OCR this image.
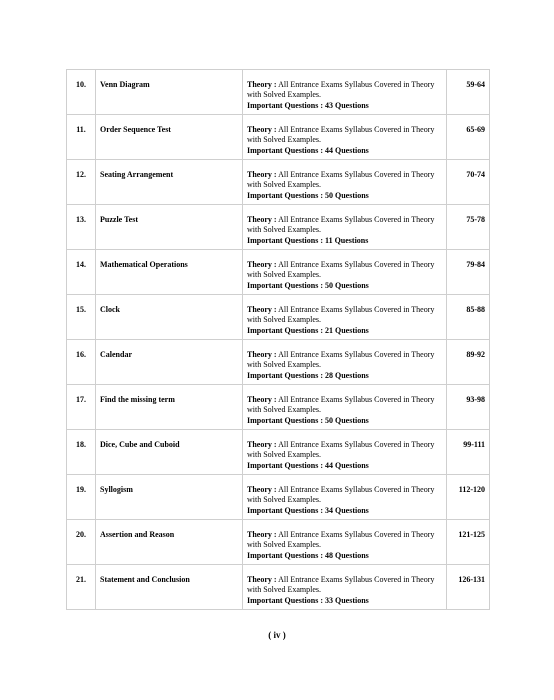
10.	Venn Diagram	Theory : All Entrance Exams Syllabus Covered in Theory with Solved Examples.
Important Questions : 43 Questions	59-64

11.	Order Sequence Test	Theory : All Entrance Exams Syllabus Covered in Theory with Solved Examples.
Important Questions : 44 Questions	65-69

12.	Seating Arrangement	Theory : All Entrance Exams Syllabus Covered in Theory with Solved Examples.
Important Questions : 50 Questions	70-74

13.	Puzzle Test	Theory : All Entrance Exams Syllabus Covered in Theory with Solved Examples.
Important Questions : 11 Questions	75-78

14.	Mathematical Operations	Theory : All Entrance Exams Syllabus Covered in Theory with Solved Examples.
Important Questions : 50 Questions	79-84

15.	Clock	Theory : All Entrance Exams Syllabus Covered in Theory with Solved Examples.
Important Questions : 21 Questions	85-88

16.	Calendar	Theory : All Entrance Exams Syllabus Covered in Theory with Solved Examples.
Important Questions : 28 Questions	89-92

17.	Find the missing term	Theory : All Entrance Exams Syllabus Covered in Theory with Solved Examples.
Important Questions : 50 Questions	93-98

18.	Dice, Cube and Cuboid	Theory : All Entrance Exams Syllabus Covered in Theory with Solved Examples.
Important Questions : 44 Questions	99-111

19.	Syllogism	Theory : All Entrance Exams Syllabus Covered in Theory with Solved Examples.
Important Questions : 34 Questions	112-120

20.	Assertion and Reason	Theory : All Entrance Exams Syllabus Covered in Theory with Solved Examples.
Important Questions : 48 Questions	121-125

21.	Statement and Conclusion	Theory : All Entrance Exams Syllabus Covered in Theory with Solved Examples.
Important Questions : 33 Questions	126-131
( iv )
